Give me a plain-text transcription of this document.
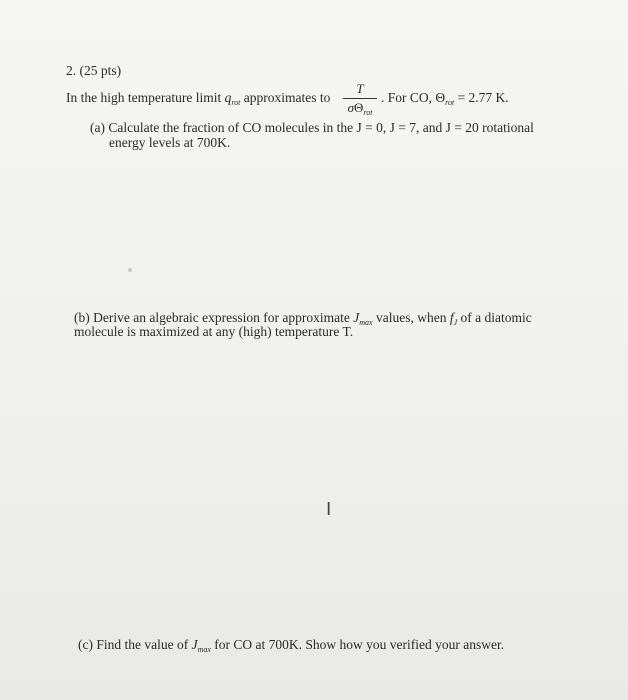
2. (25 pts)
In the high temperature limit $q_{rot}$ approximates to
T
$\sigma\Theta_{rot}$
. For CO, $\Theta_{rot} = 2.77$ K.
(a) Calculate the fraction of CO molecules in the J = 0, J = 7, and J = 20 rotational
energy levels at 700K.
(b) Derive an algebraic expression for approximate $J_{max}$ values, when $f_J$ of a diatomic
molecule is maximized at any (high) temperature T.
I
(c) Find the value of $J_{max}$ for CO at 700K. Show how you verified your answer.
